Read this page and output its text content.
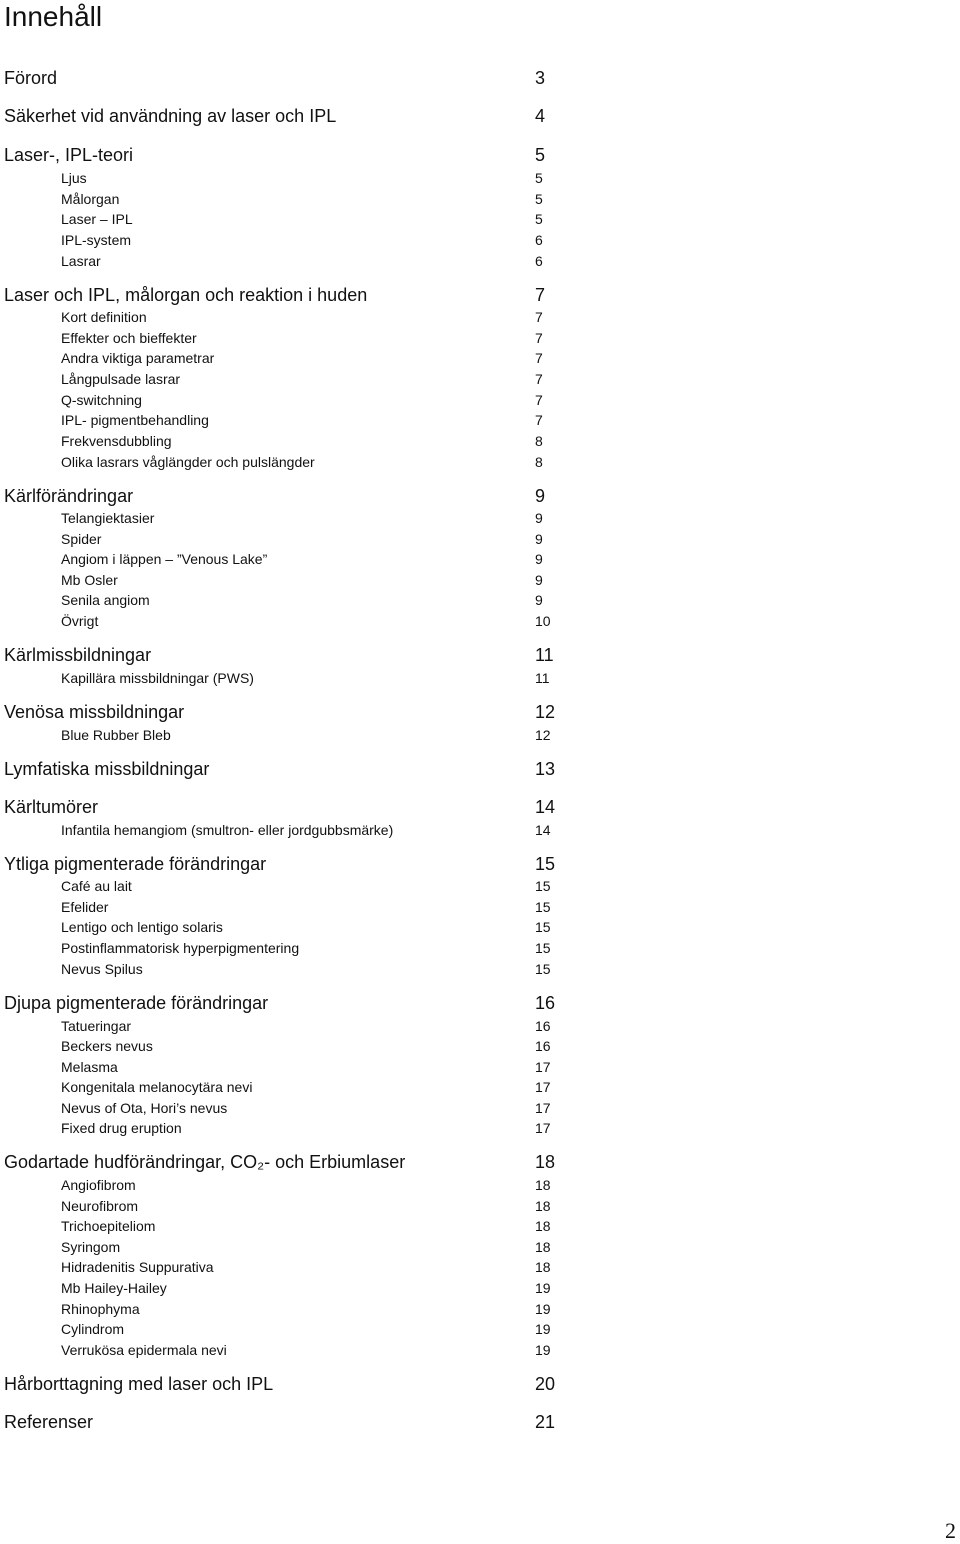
Innehåll
Förord	3
Säkerhet vid användning av laser och IPL	4
Laser-, IPL-teori	5
Ljus	5
Målorgan	5
Laser – IPL	5
IPL-system	6
Lasrar	6
Laser och IPL, målorgan och reaktion i huden	7
Kort definition	7
Effekter och bieffekter	7
Andra viktiga parametrar	7
Långpulsade lasrar	7
Q-switchning	7
IPL- pigmentbehandling	7
Frekvensdubbling	8
Olika lasrars våglängder och pulslängder	8
Kärlförändringar	9
Telangiektasier	9
Spider	9
Angiom i läppen – ”Venous Lake”	9
Mb Osler	9
Senila angiom	9
Övrigt	10
Kärlmissbildningar	11
Kapillära missbildningar (PWS)	11
Venösa missbildningar	12
Blue Rubber Bleb	12
Lymfatiska missbildningar	13
Kärltumörer	14
Infantila hemangiom (smultron- eller jordgubbsmärke)	14
Ytliga pigmenterade förändringar	15
Café au lait	15
Efelider	15
Lentigo och lentigo solaris	15
Postinflammatorisk hyperpigmentering	15
Nevus Spilus	15
Djupa pigmenterade förändringar	16
Tatueringar	16
Beckers nevus	16
Melasma	17
Kongenitala melanocytära nevi	17
Nevus of Ota, Hori’s nevus	17
Fixed drug eruption	17
Godartade hudförändringar, CO₂- och Erbiumlaser	18
Angiofibrom	18
Neurofibrom	18
Trichoepiteliom	18
Syringom	18
Hidradenitis Suppurativa	18
Mb Hailey-Hailey	19
Rhinophyma	19
Cylindrom	19
Verrukösa epidermala nevi	19
Hårborttagning med laser och IPL	20
Referenser	21
2
